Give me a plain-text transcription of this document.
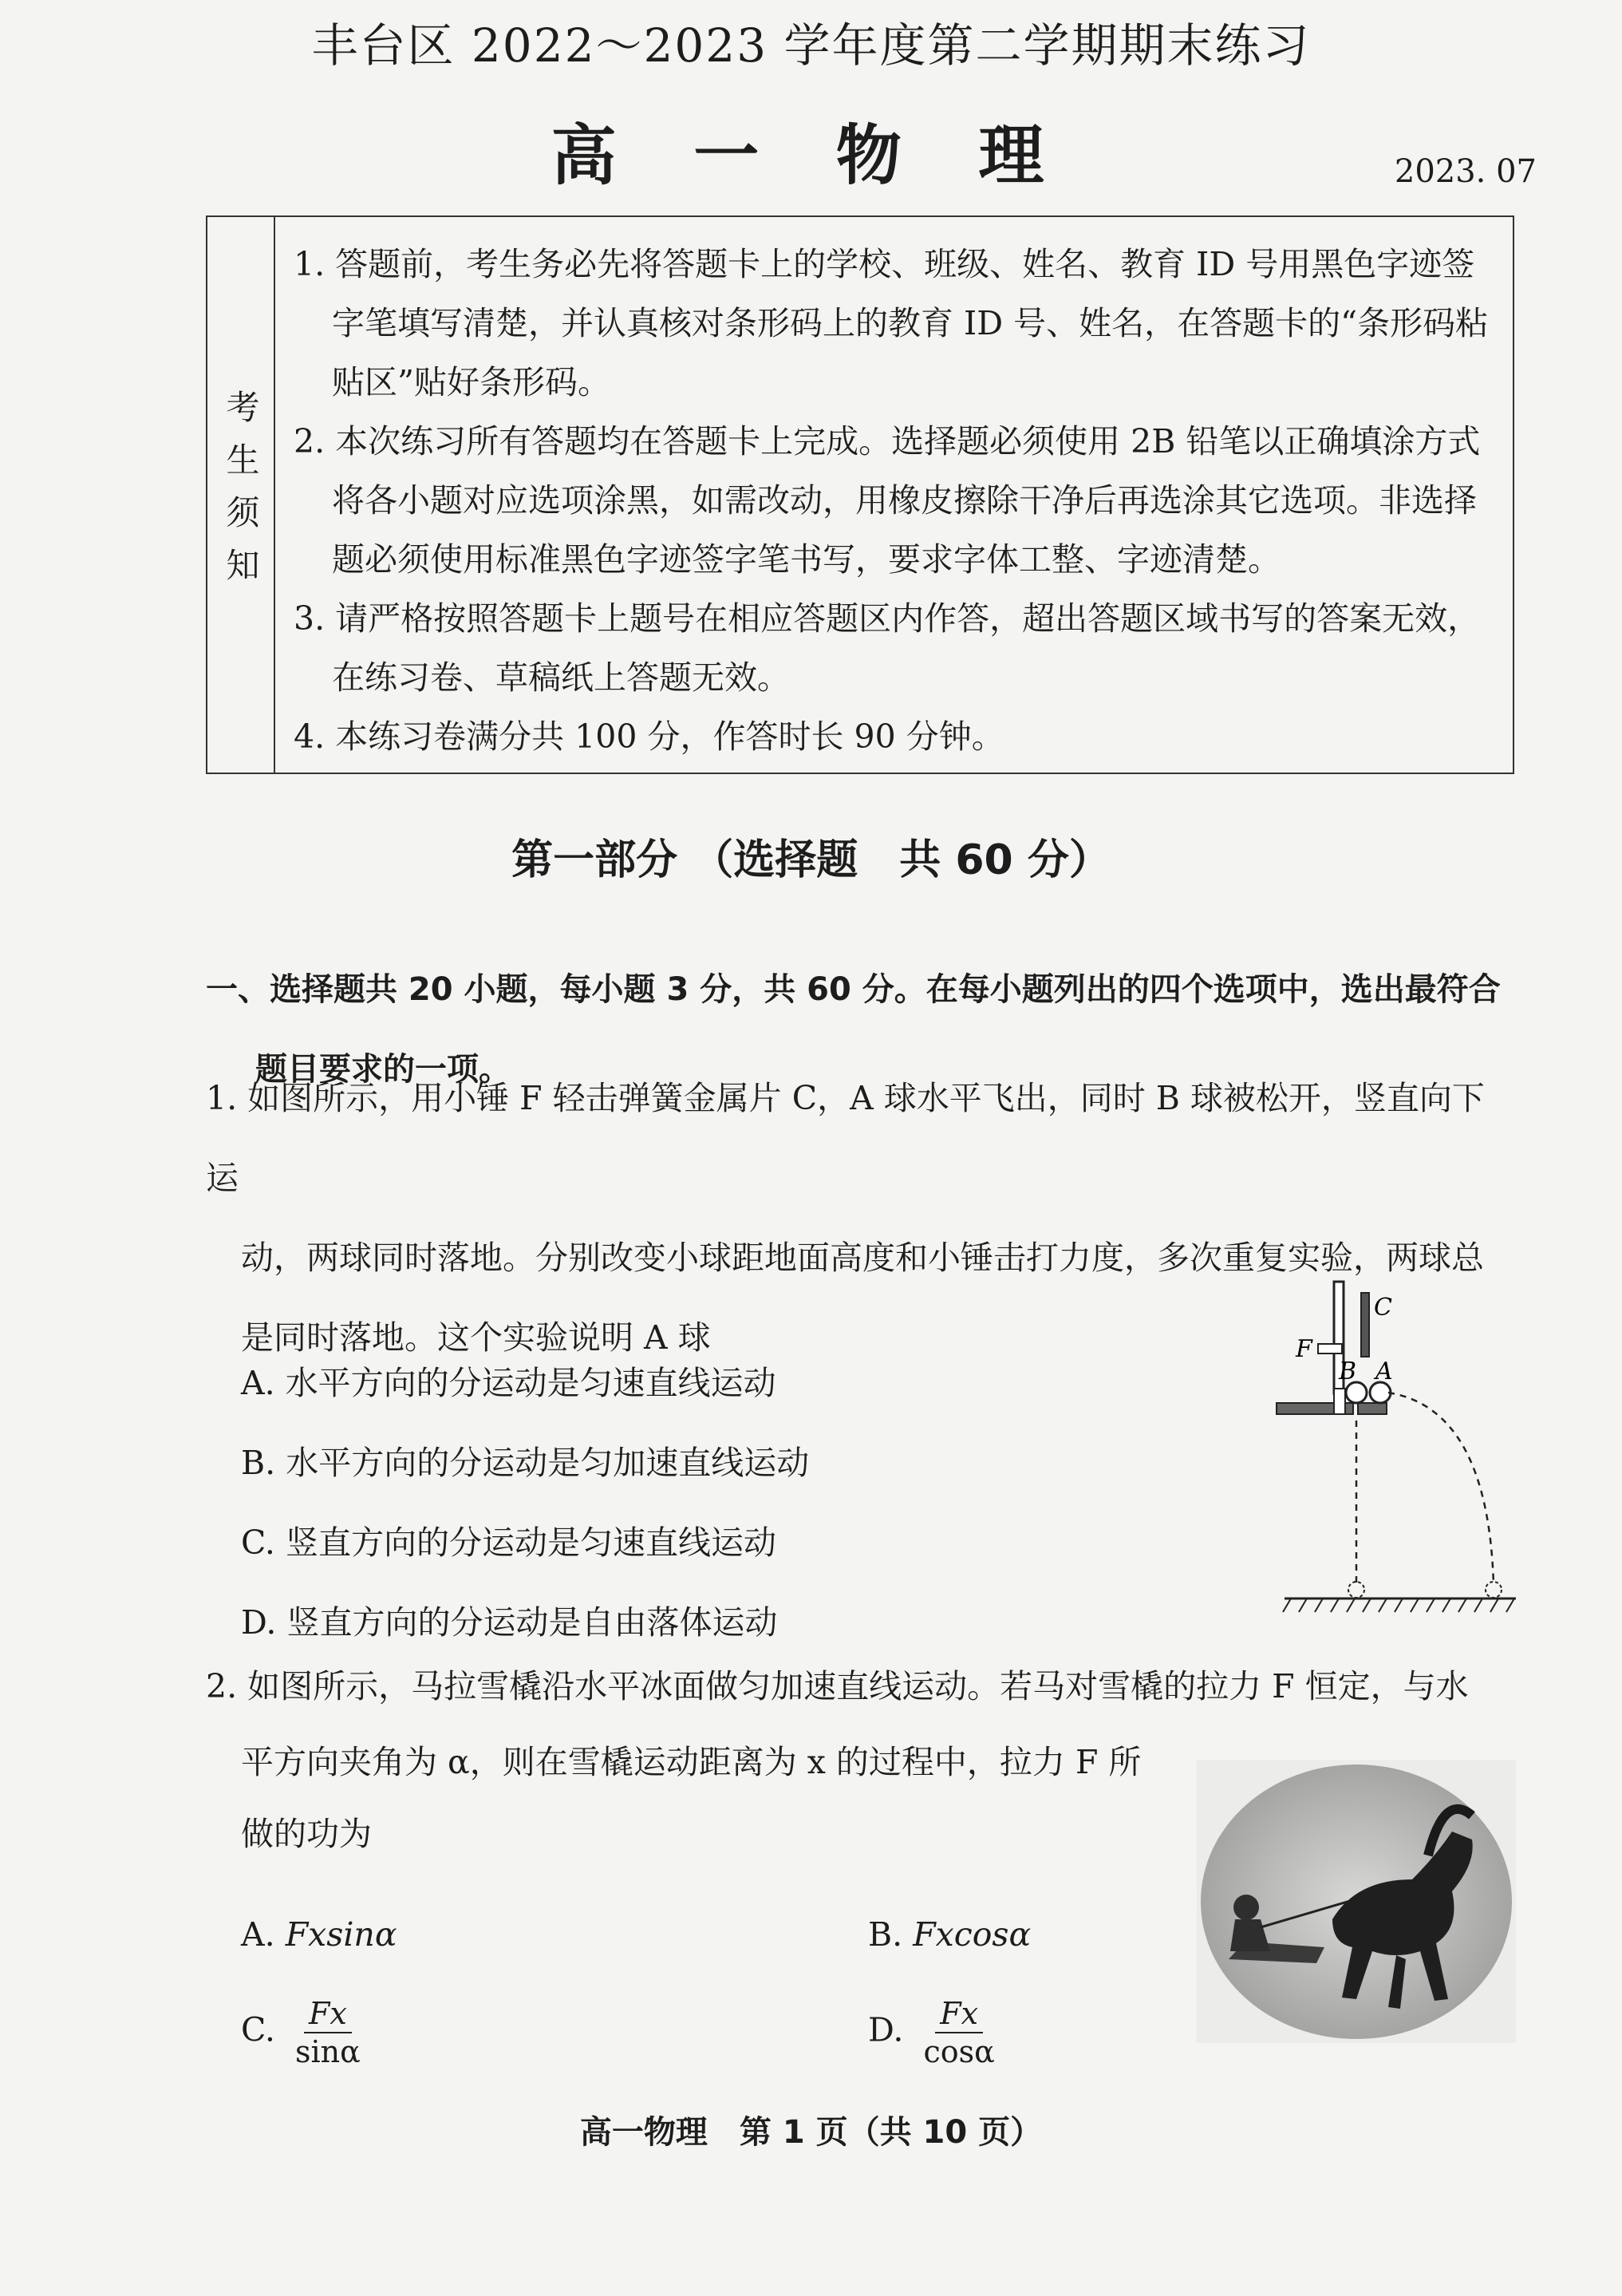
丰台区 2022～2023 学年度第二学期期末练习
高 一 物 理	2023. 07
考生须知
1. 答题前，考生务必先将答题卡上的学校、班级、姓名、教育 ID 号用黑色字迹签字笔填写清楚，并认真核对条形码上的教育 ID 号、姓名，在答题卡的“条形码粘贴区”贴好条形码。
2. 本次练习所有答题均在答题卡上完成。选择题必须使用 2B 铅笔以正确填涂方式将各小题对应选项涂黑，如需改动，用橡皮擦除干净后再选涂其它选项。非选择题必须使用标准黑色字迹签字笔书写，要求字体工整、字迹清楚。
3. 请严格按照答题卡上题号在相应答题区内作答，超出答题区域书写的答案无效，在练习卷、草稿纸上答题无效。
4. 本练习卷满分共 100 分，作答时长 90 分钟。
第一部分 （选择题　共 60 分）
一、选择题共 20 小题，每小题 3 分，共 60 分。在每小题列出的四个选项中，选出最符合
题目要求的一项。
1. 如图所示，用小锤 F 轻击弹簧金属片 C，A 球水平飞出，同时 B 球被松开，竖直向下运
动，两球同时落地。分别改变小球距地面高度和小锤击打力度，多次重复实验，两球总
是同时落地。这个实验说明 A 球
A. 水平方向的分运动是匀速直线运动
B. 水平方向的分运动是匀加速直线运动
C. 竖直方向的分运动是匀速直线运动
D. 竖直方向的分运动是自由落体运动
C
F
B A
2. 如图所示，马拉雪橇沿水平冰面做匀加速直线运动。若马对雪橇的拉力 F 恒定，与水
平方向夹角为 α，则在雪橇运动距离为 x 的过程中，拉力 F 所
做的功为
A. Fxsinα	B. Fxcosα
C. $\frac{Fx}{\sin\alpha}$	D. $\frac{Fx}{\cos\alpha}$
高一物理　第 1 页（共 10 页）
